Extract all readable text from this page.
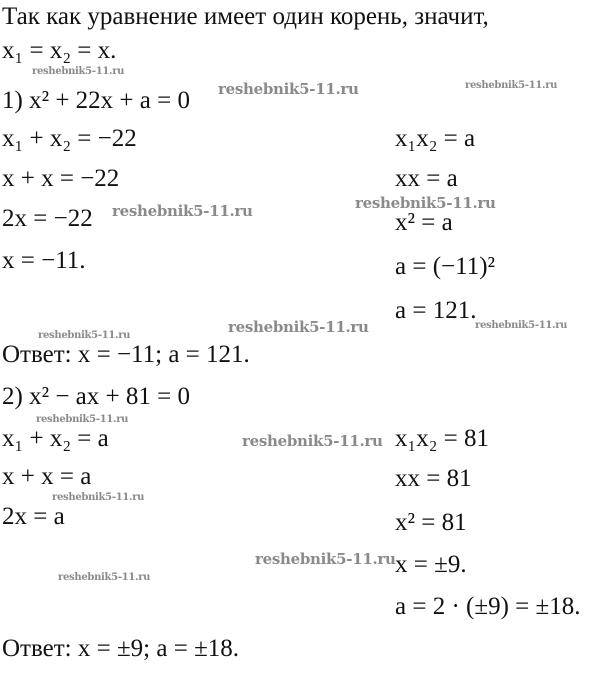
Так как уравнение имеет один корень, значит,
x₁ = x₂ = x.
1) x² + 22x + a = 0
x₁ + x₂ = −22
x + x = −22
2x = −22
x = −11.
x₁x₂ = a
xx = a
x² = a
a = (−11)²
a = 121.
Ответ: x = −11; a = 121.
2) x² − ax + 81 = 0
x₁ + x₂ = a
x + x = a
2x = a
x₁x₂ = 81
xx = 81
x² = 81
x = ±9.
a = 2 · (±9) = ±18.
Ответ: x = ±9; a = ±18.
reshebnik5-11.ru
reshebnik5-11.ru	reshebnik5-11.ru
reshebnik5-11.ru	reshebnik5-11.ru
reshebnik5-11.ru	reshebnik5-11.ru	reshebnik5-11.ru
reshebnik5-11.ru
reshebnik5-11.ru
reshebnik5-11.ru
reshebnik5-11.ru
reshebnik5-11.ru
